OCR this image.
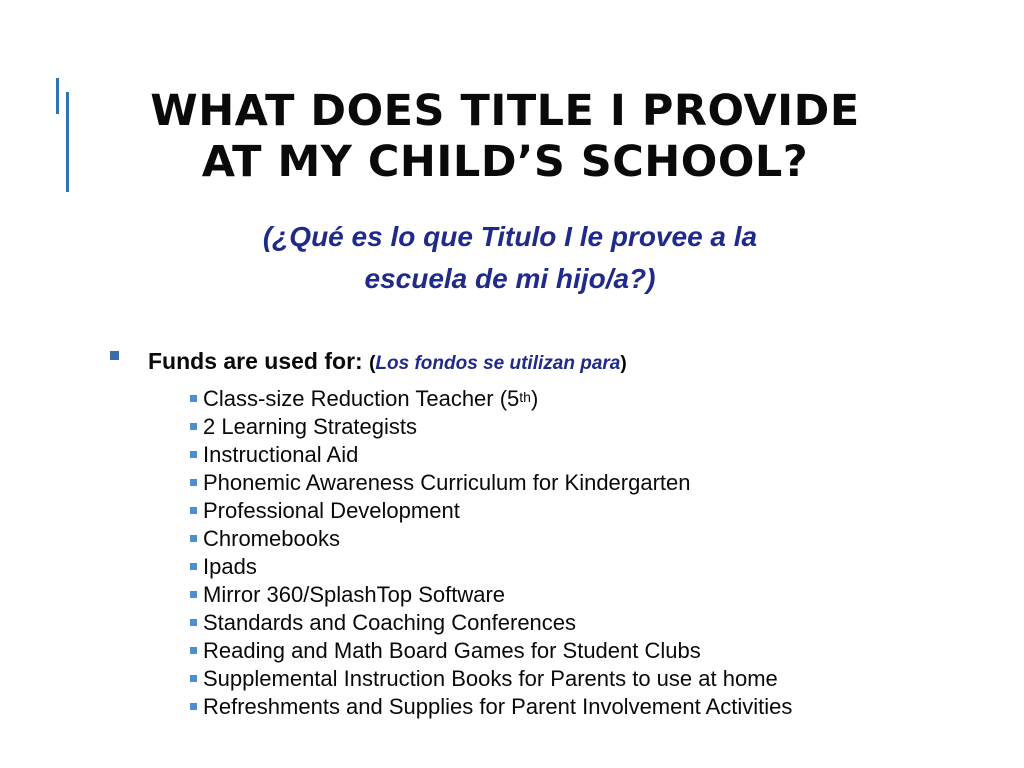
WHAT DOES TITLE I PROVIDE
AT MY CHILD’S SCHOOL?
(¿Qué es lo que Titulo I le provee a la
escuela de mi hijo/a?)
Funds are used for: (Los fondos se utilizan para)
Class-size Reduction Teacher (5th)
2 Learning Strategists
Instructional Aid
Phonemic Awareness Curriculum for Kindergarten
Professional Development
Chromebooks
Ipads
Mirror 360/SplashTop Software
Standards and Coaching Conferences
Reading and Math Board Games for Student Clubs
Supplemental Instruction Books for Parents to use at home
Refreshments and Supplies for Parent Involvement Activities
